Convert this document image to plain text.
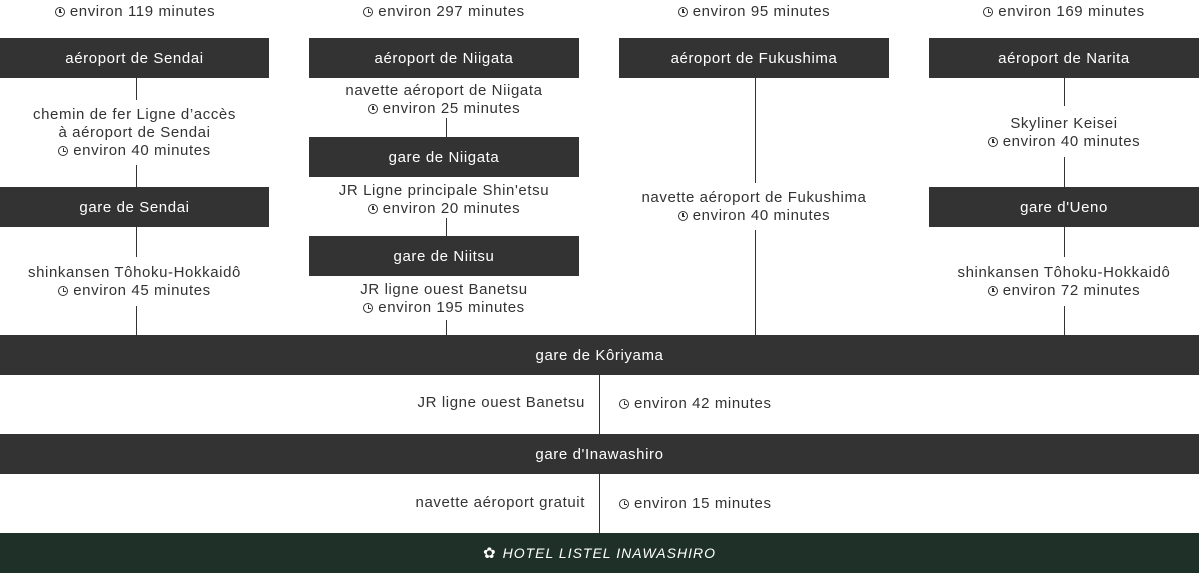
environ 119 minutes
aéroport de Sendai
chemin de fer Ligne d’accès
à aéroport de Sendai
environ 40 minutes
gare de Sendai
shinkansen Tôhoku-Hokkaidô
environ 45 minutes
environ 297 minutes
aéroport de Niigata
navette aéroport de Niigata
environ 25 minutes
gare de Niigata
JR Ligne principale Shin'etsu
environ 20 minutes
gare de Niitsu
JR ligne ouest Banetsu
environ 195 minutes
environ 95 minutes
aéroport de Fukushima
navette aéroport de Fukushima
environ 40 minutes
environ 169 minutes
aéroport de Narita
Skyliner Keisei
environ 40 minutes
gare d'Ueno
shinkansen Tôhoku-Hokkaidô
environ 72 minutes
gare de Kôriyama
JR ligne ouest Banetsu	environ 42 minutes
gare d'Inawashiro
navette aéroport gratuit	environ 15 minutes
✿ HOTEL LISTEL INAWASHIRO
